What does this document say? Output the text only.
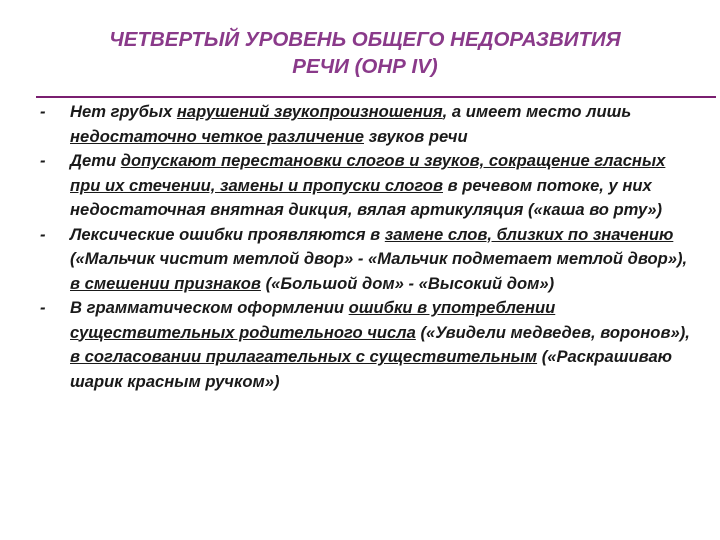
ЧЕТВЕРТЫЙ УРОВЕНЬ ОБЩЕГО НЕДОРАЗВИТИЯ
РЕЧИ (ОНР IV)
- Нет грубых нарушений звукопроизношения, а имеет место лишь недостаточно четкое различение звуков речи
- Дети допускают перестановки слогов и звуков, сокращение гласных при их стечении, замены и пропуски слогов в речевом потоке, у них недостаточная внятная дикция, вялая артикуляция («каша во рту»)
- Лексические ошибки проявляются в замене слов, близких по значению («Мальчик чистит метлой двор» - «Мальчик подметает метлой двор»), в смешении признаков («Большой дом» - «Высокий дом»)
- В грамматическом оформлении ошибки в употреблении существительных родительного числа («Увидели медведев, воронов»), в согласовании прилагательных с существительным («Раскрашиваю шарик красным ручком»)
